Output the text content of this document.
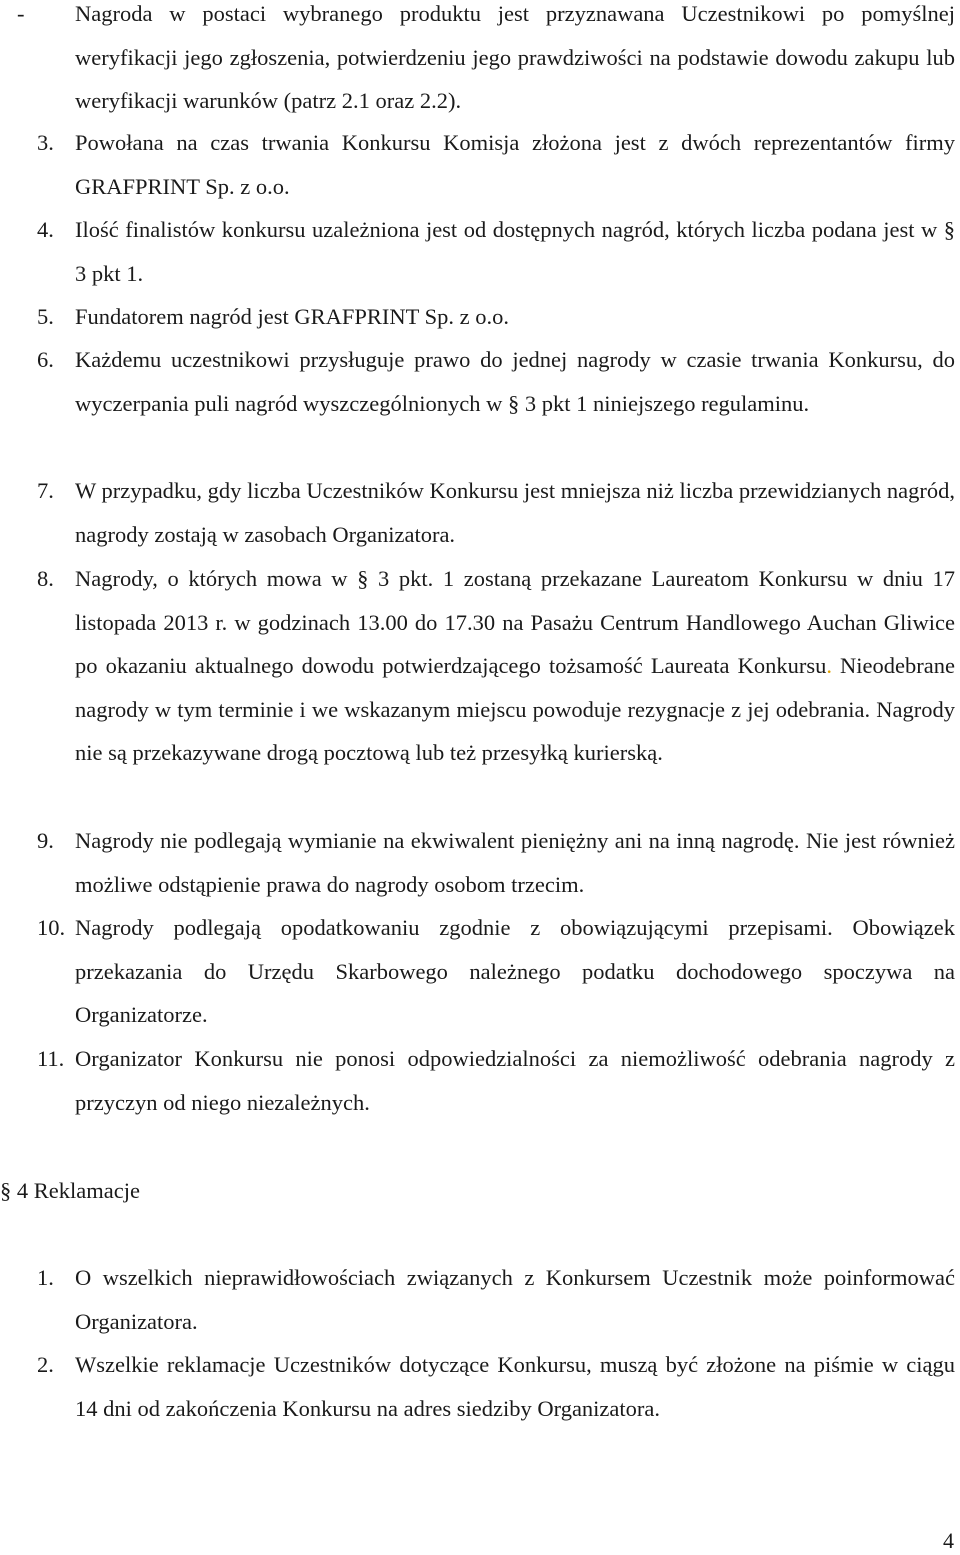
- Nagroda w postaci wybranego produktu jest przyznawana Uczestnikowi po pomyślnej weryfikacji jego zgłoszenia, potwierdzeniu jego prawdziwości na podstawie dowodu zakupu lub weryfikacji warunków (patrz 2.1 oraz 2.2).
3. Powołana na czas trwania Konkursu Komisja złożona jest z dwóch reprezentantów firmy GRAFPRINT Sp. z o.o.
4. Ilość finalistów konkursu uzależniona jest od dostępnych nagród, których liczba podana jest w § 3 pkt 1.
5. Fundatorem nagród jest GRAFPRINT Sp. z o.o.
6. Każdemu uczestnikowi przysługuje prawo do jednej nagrody w czasie trwania Konkursu, do wyczerpania puli nagród wyszczególnionych w § 3 pkt 1 niniejszego regulaminu.
7. W przypadku, gdy liczba Uczestników Konkursu jest mniejsza niż liczba przewidzianych nagród, nagrody zostają w zasobach Organizatora.
8. Nagrody, o których mowa w § 3 pkt. 1 zostaną przekazane Laureatom Konkursu w dniu 17 listopada 2013 r. w godzinach 13.00 do 17.30 na Pasażu Centrum Handlowego Auchan Gliwice po okazaniu aktualnego dowodu potwierdzającego tożsamość Laureata Konkursu. Nieodebrane nagrody w tym terminie i we wskazanym miejscu powoduje rezygnacje z jej odebrania. Nagrody nie są przekazywane drogą pocztową lub też przesyłką kurierską.
9. Nagrody nie podlegają wymianie na ekwiwalent pieniężny ani na inną nagrodę. Nie jest również możliwe odstąpienie prawa do nagrody osobom trzecim.
10. Nagrody podlegają opodatkowaniu zgodnie z obowiązującymi przepisami. Obowiązek przekazania do Urzędu Skarbowego należnego podatku dochodowego spoczywa na Organizatorze.
11. Organizator Konkursu nie ponosi odpowiedzialności za niemożliwość odebrania nagrody z przyczyn od niego niezależnych.
§ 4 Reklamacje
1. O wszelkich nieprawidłowościach związanych z Konkursem Uczestnik może poinformować Organizatora.
2. Wszelkie reklamacje Uczestników dotyczące Konkursu, muszą być złożone na piśmie w ciągu 14 dni od zakończenia Konkursu na adres siedziby Organizatora.
4
